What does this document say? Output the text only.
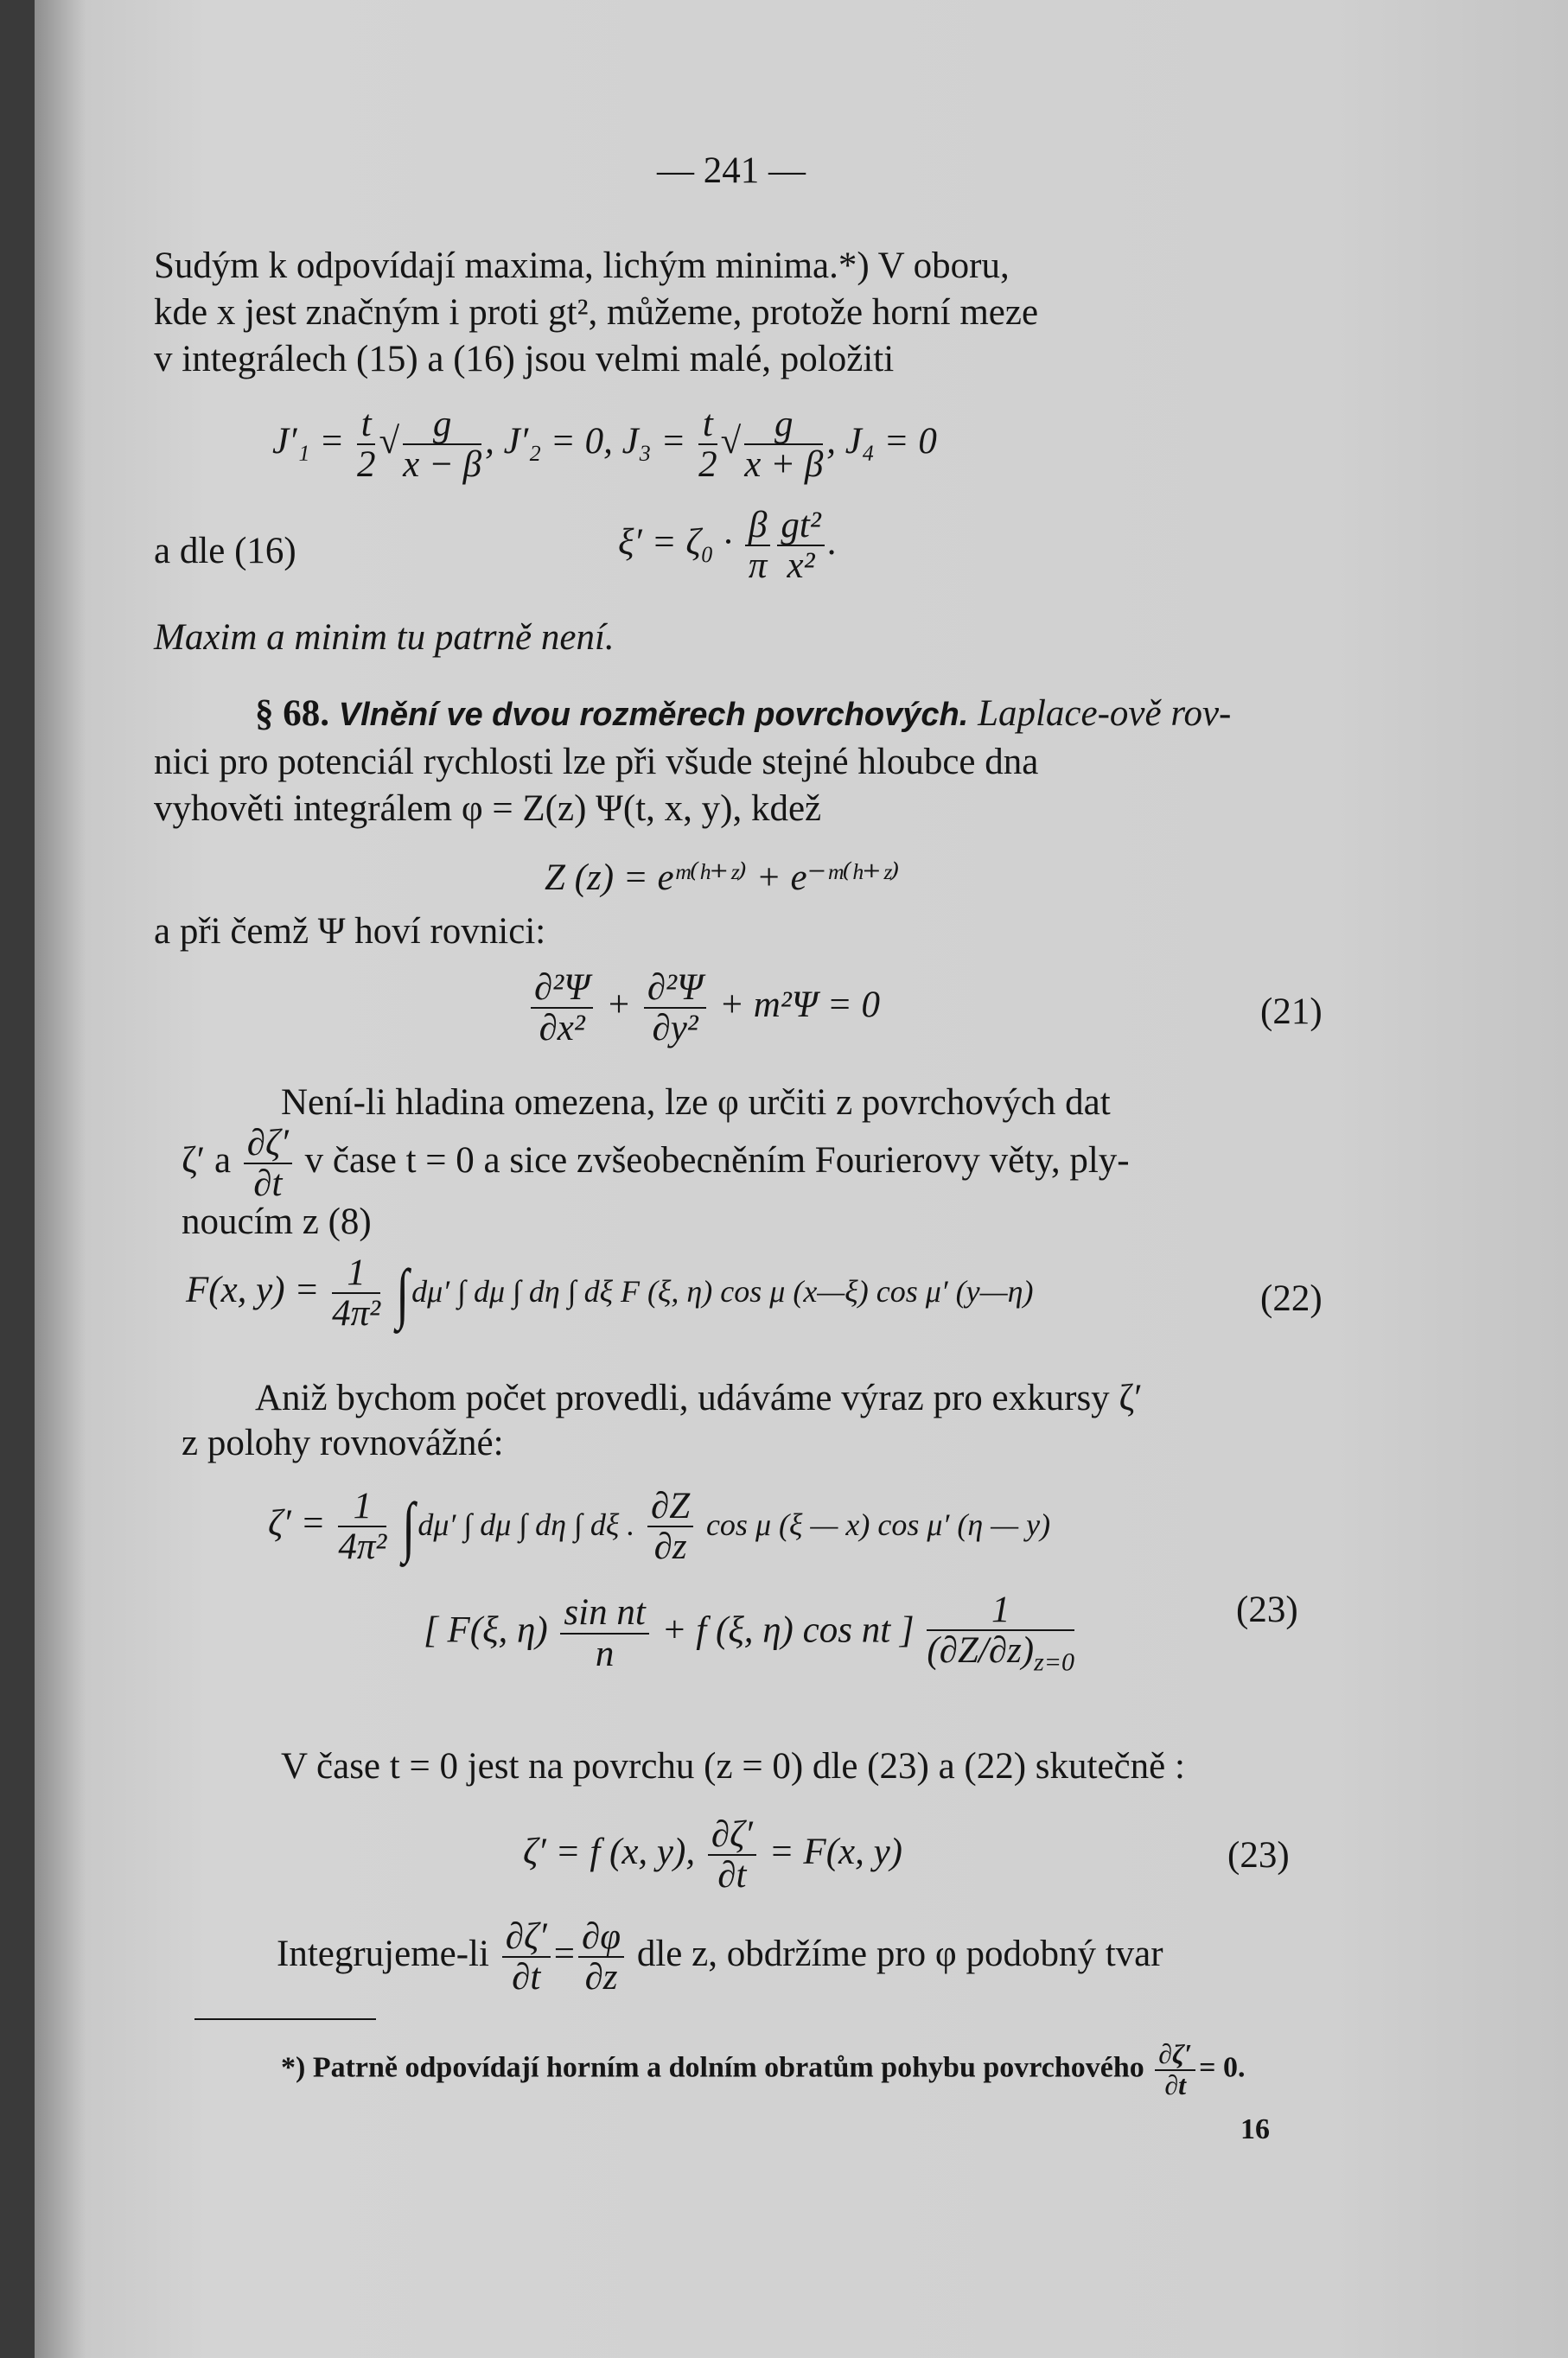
— 241 —
Sudým k odpovídají maxima, lichým minima.*) V oboru,
kde x jest značným i proti gt², můžeme, protože horní meze
v integrálech (15) a (16) jsou velmi malé, položiti
$J'_1 = \frac{t}{2}$ √ $\frac{g}{x - \beta}$ , J′₂ = 0, $J_3 = \frac{t}{2}$ √ $\frac{g}{x + \beta}$ , J₄ = 0
a dle (16)	$\xi' = \zeta_0 \cdot \frac{\beta}{\pi} \frac{\text{gt²}}{\text{x²}}$ .
Maxim a minim tu patrně není.
§ 68. Vlnění ve dvou rozměrech povrchových. Laplace-ově rov-
nici pro potenciál rychlosti lze při všude stejné hloubce dna
vyhověti integrálem φ = Z(z) Ψ(t, x, y), kdež
Z (z) = eᵐ⁽ʰ⁺ᶻ⁾ + e⁻ᵐ⁽ʰ⁺ᶻ⁾
a při čemž Ψ hoví rovnici:
$\frac{\text{∂²Ψ}}{\text{∂x²}} + \frac{\text{∂²Ψ}}{\text{∂y²}} + m^2\Psi = 0$	(21)
Není-li hladina omezena, lze φ určiti z povrchových dat
ζ′ a $\frac{\partial\zeta'}{\partial t}$ v čase t = 0 a sice zvšeobecněním Fourierovy věty, ply-
noucím z (8)
F(x, $y) = \frac{1}{\text{4π²}} \int d\mu'$ ∫ dμ ∫ dη ∫ dξ F (ξ, η) cos μ (x—ξ) cos μ′ (y—η)	(22)
Aniž bychom počet provedli, udáváme výraz pro exkursy ζ′
z polohy rovnovážné:
$\zeta' = \frac{1}{\text{4π²}} \int d\mu'$ ∫ dμ ∫ dη ∫ dξ . $\frac{\partial Z}{\partial z}$ cos μ (ξ — x) cos μ′ (η — y)
[ F(ξ, $\eta) \frac{\text{sin nt}}{n} + f$ (ξ, η) cos nt ] $\frac{1}{(\partial Z/\partial z)_{z=0}}$	(23)
V čase t = 0 jest na povrchu (z = 0) dle (23) a (22) skutečně :
ζ′ = f (x, y), $\frac{\partial\zeta'}{\partial t} = F(x$, y)	(23)
Integrujeme-li $\frac{\partial\zeta'}{\partial t} = \frac{\partial\varphi}{\partial z}$ dle z, obdržíme pro φ podobný tvar
*) Patrně odpovídají horním a dolním obratům pohybu povrchového $\frac{\partial\zeta'}{\partial t} = 0$.
16
